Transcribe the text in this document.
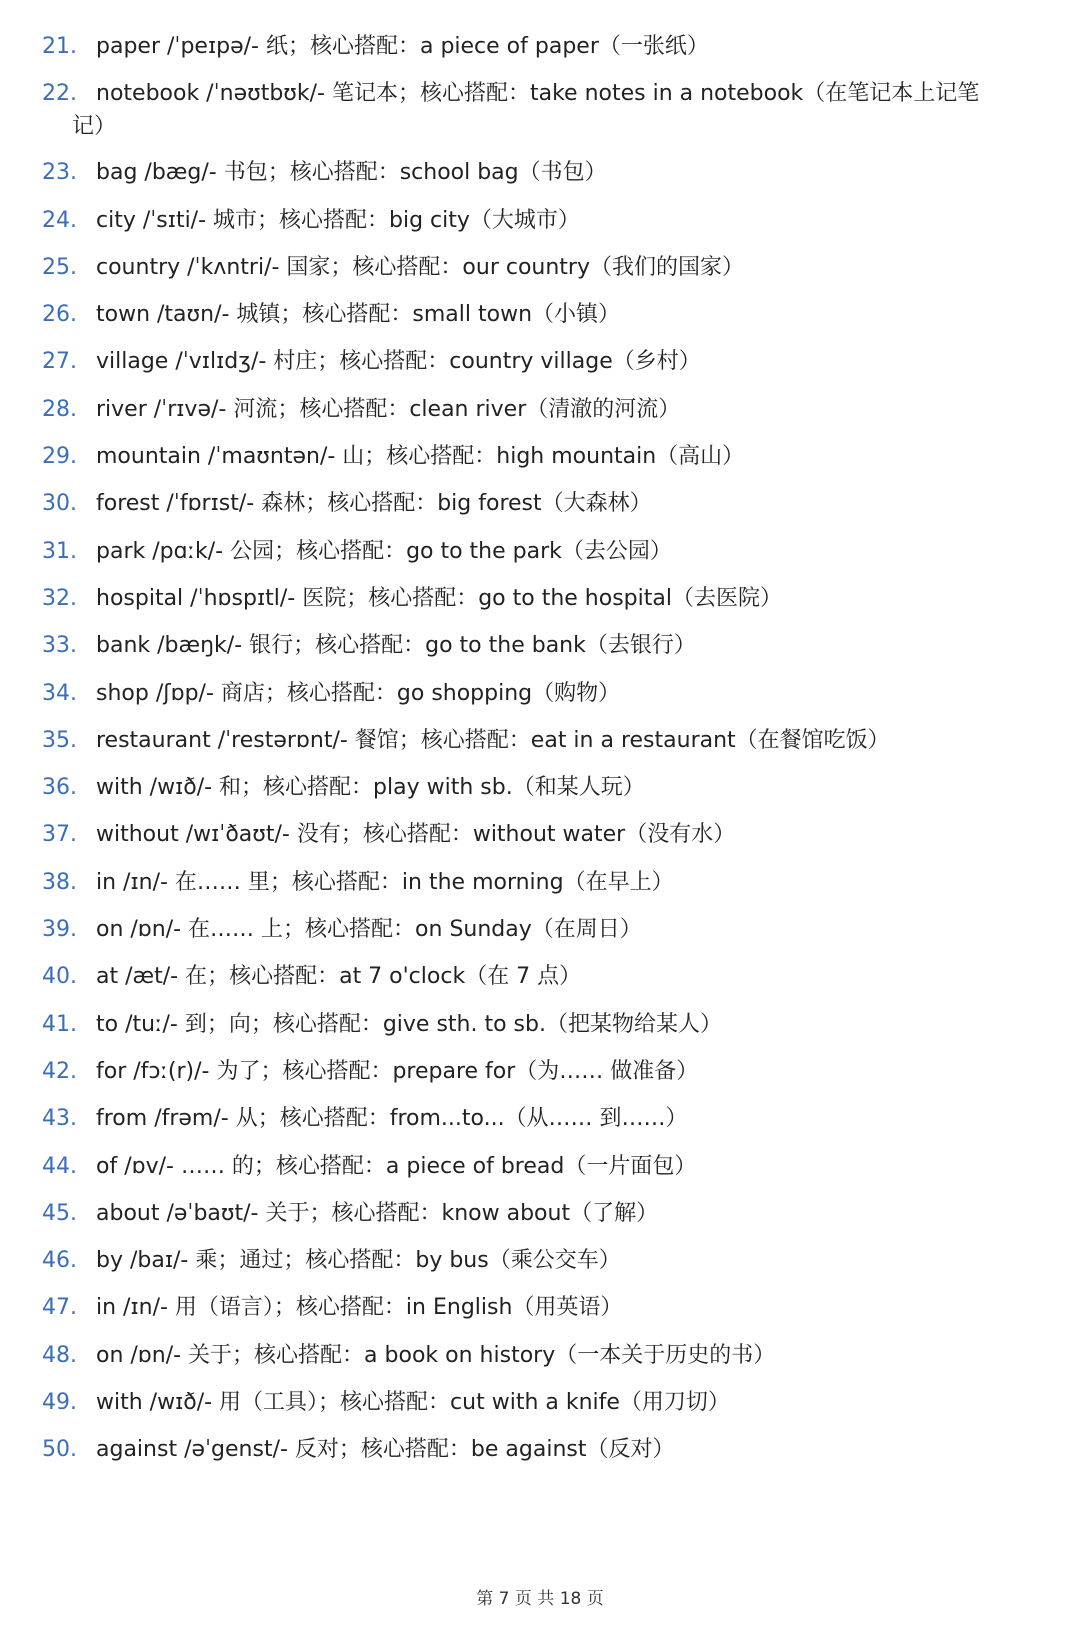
21. paper /ˈpeɪpə/- 纸；核心搭配：a piece of paper（一张纸）
22. notebook /ˈnəʊtbʊk/- 笔记本；核心搭配：take notes in a notebook（在笔记本上记笔
记）
23. bag /bæg/- 书包；核心搭配：school bag（书包）
24. city /ˈsɪti/- 城市；核心搭配：big city（大城市）
25. country /ˈkʌntri/- 国家；核心搭配：our country（我们的国家）
26. town /taʊn/- 城镇；核心搭配：small town（小镇）
27. village /ˈvɪlɪdʒ/- 村庄；核心搭配：country village（乡村）
28. river /ˈrɪvə/- 河流；核心搭配：clean river（清澈的河流）
29. mountain /ˈmaʊntən/- 山；核心搭配：high mountain（高山）
30. forest /ˈfɒrɪst/- 森林；核心搭配：big forest（大森林）
31. park /pɑːk/- 公园；核心搭配：go to the park（去公园）
32. hospital /ˈhɒspɪtl/- 医院；核心搭配：go to the hospital（去医院）
33. bank /bæŋk/- 银行；核心搭配：go to the bank（去银行）
34. shop /ʃɒp/- 商店；核心搭配：go shopping（购物）
35. restaurant /ˈrestərɒnt/- 餐馆；核心搭配：eat in a restaurant（在餐馆吃饭）
36. with /wɪð/- 和；核心搭配：play with sb.（和某人玩）
37. without /wɪˈðaʊt/- 没有；核心搭配：without water（没有水）
38. in /ɪn/- 在…… 里；核心搭配：in the morning（在早上）
39. on /ɒn/- 在…… 上；核心搭配：on Sunday（在周日）
40. at /æt/- 在；核心搭配：at 7 o'clock（在 7 点）
41. to /tuː/- 到；向；核心搭配：give sth. to sb.（把某物给某人）
42. for /fɔː(r)/- 为了；核心搭配：prepare for（为…… 做准备）
43. from /frəm/- 从；核心搭配：from...to...（从…… 到……）
44. of /ɒv/- …… 的；核心搭配：a piece of bread（一片面包）
45. about /əˈbaʊt/- 关于；核心搭配：know about（了解）
46. by /baɪ/- 乘；通过；核心搭配：by bus（乘公交车）
47. in /ɪn/- 用（语言）；核心搭配：in English（用英语）
48. on /ɒn/- 关于；核心搭配：a book on history（一本关于历史的书）
49. with /wɪð/- 用（工具）；核心搭配：cut with a knife（用刀切）
50. against /əˈgenst/- 反对；核心搭配：be against（反对）
第 7 页 共 18 页
